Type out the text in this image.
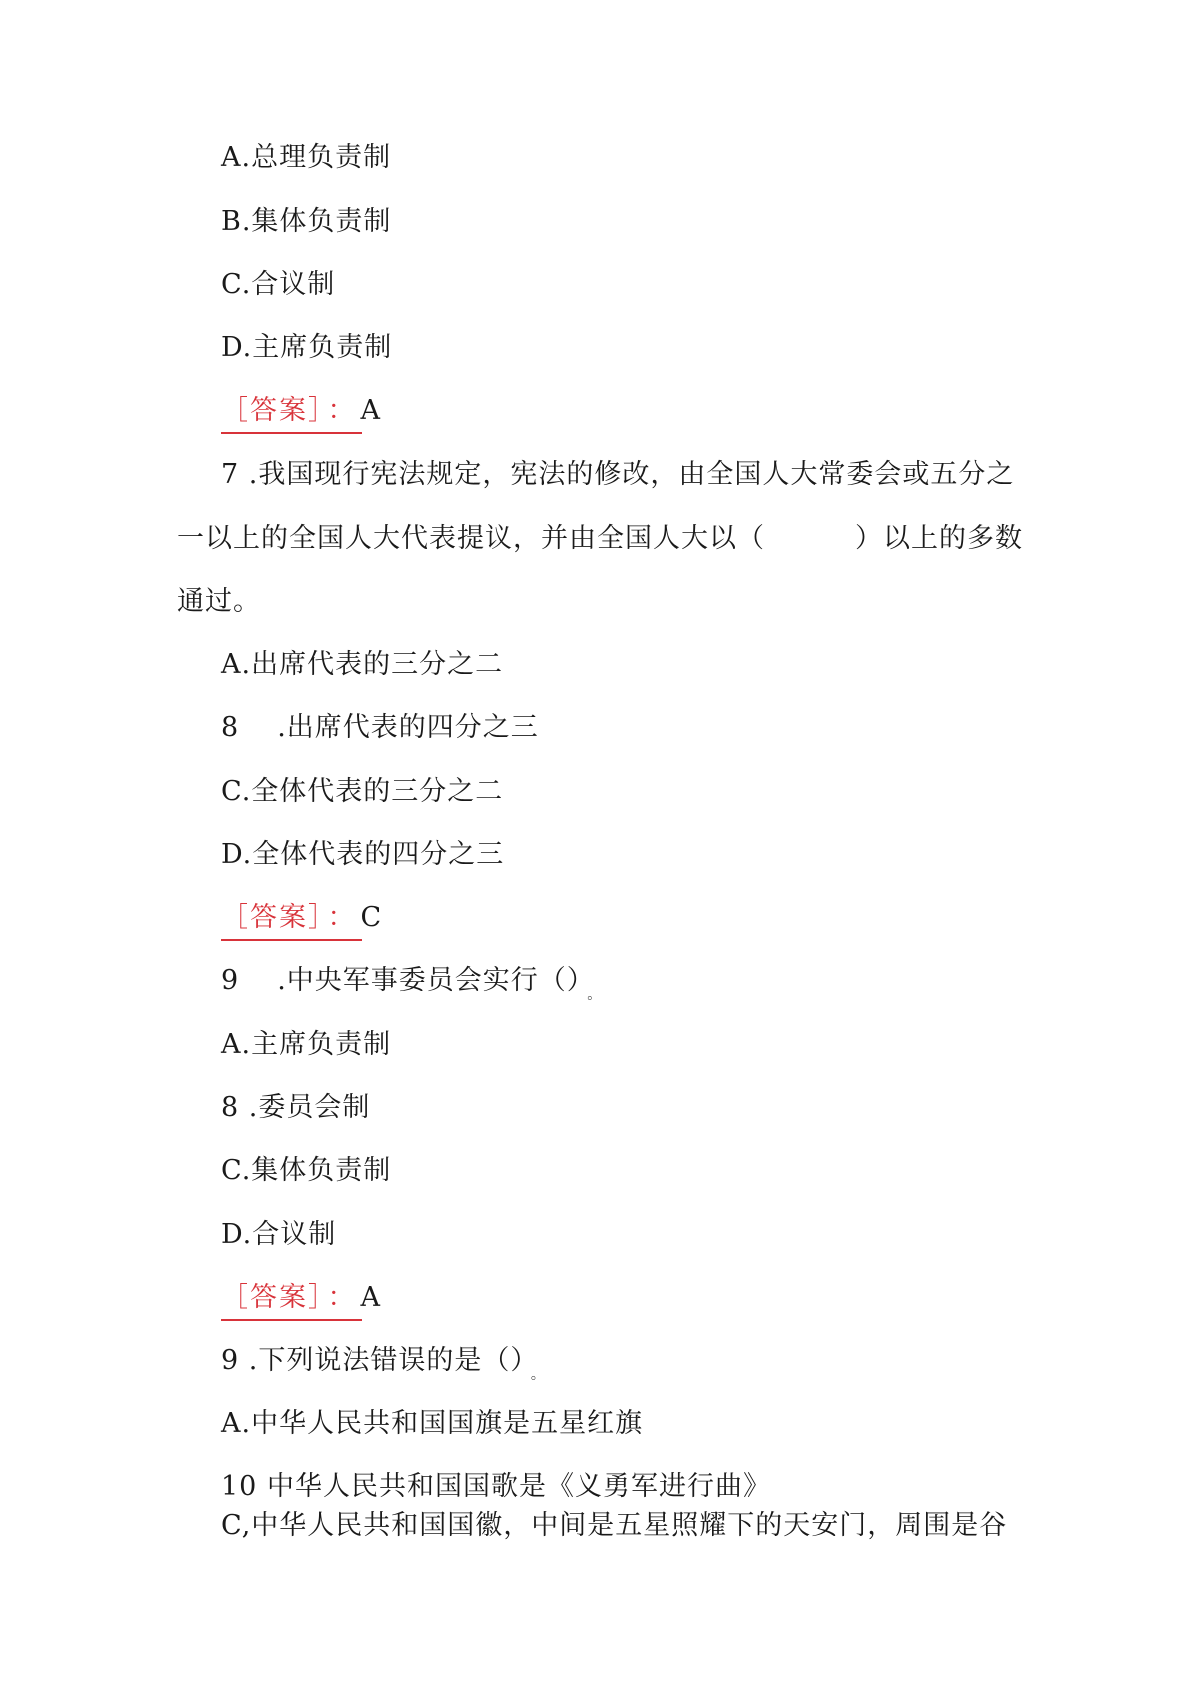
A.总理负责制
B.集体负责制
C.合议制
D.主席负责制
［答案］ ： A
7 .我国现行宪法规定，宪法的修改，由全国人大常委会或五分之
一以上的全国人大代表提议，并由全国人大以（	）以上的多数
通过。
A.出席代表的三分之二
8 .出席代表的四分之三
C.全体代表的三分之二
D.全体代表的四分之三
［答案］ ： C
9 .中央军事委员会实行（） $_。$
A.主席负责制
8 .委员会制
C.集体负责制
D.合议制
［答案］ ： A
9 .下列说法错误的是（） $_。$
A.中华人民共和国国旗是五星红旗
10 中华人民共和国国歌是《义勇军进行曲》
C,中华人民共和国国徽，中间是五星照耀下的天安门，周围是谷
